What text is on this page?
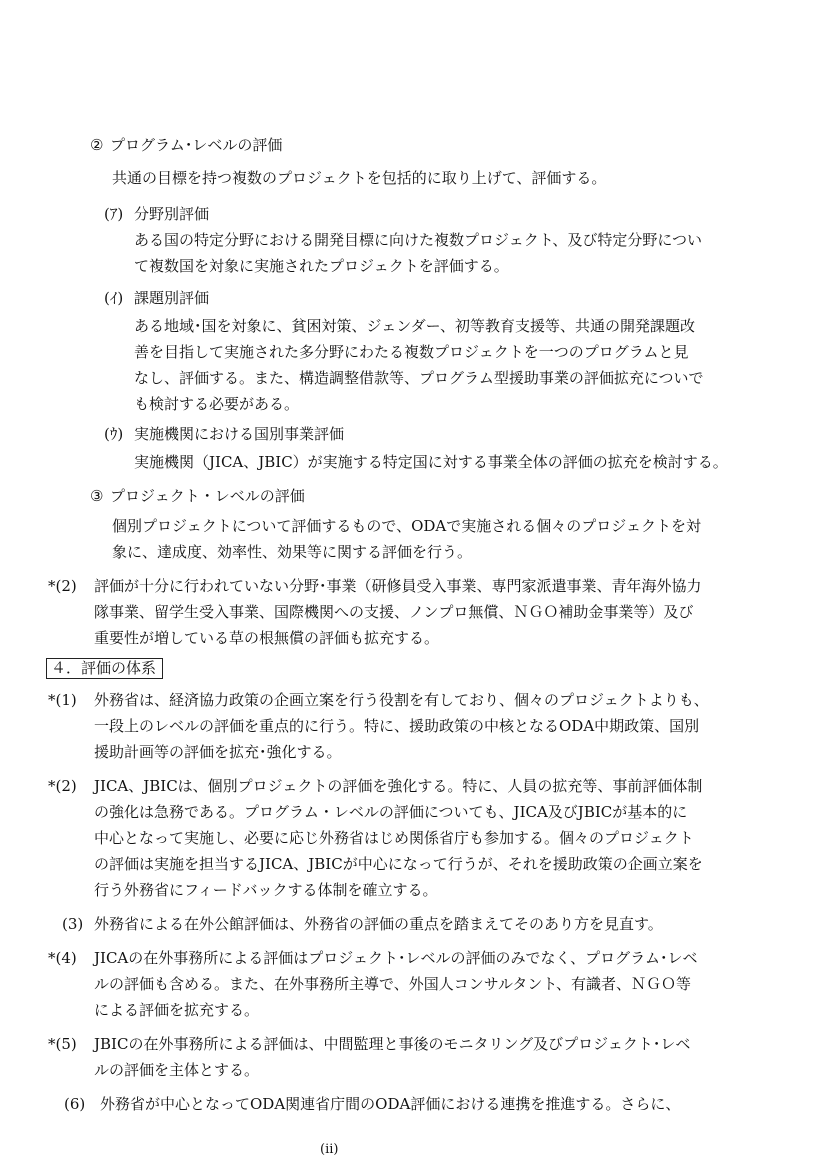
② プログラム･レベルの評価
共通の目標を持つ複数のプロジェクトを包括的に取り上げて、評価する。
(ｱ) 分野別評価
ある国の特定分野における開発目標に向けた複数プロジェクト、及び特定分野につい
て複数国を対象に実施されたプロジェクトを評価する。
(ｲ) 課題別評価
ある地域･国を対象に、貧困対策、ジェンダー、初等教育支援等、共通の開発課題改
善を目指して実施された多分野にわたる複数プロジェクトを一つのプログラムと見
なし、評価する。また、構造調整借款等、プログラム型援助事業の評価拡充についで
も検討する必要がある。
(ｳ) 実施機関における国別事業評価
実施機関（JICA、JBIC）が実施する特定国に対する事業全体の評価の拡充を検討する。
③ プロジェクト・レベルの評価
個別プロジェクトについて評価するもので、ODAで実施される個々のプロジェクトを対
象に、達成度、効率性、効果等に関する評価を行う。
*(2) 評価が十分に行われていない分野･事業（研修員受入事業、専門家派遣事業、青年海外協力
隊事業、留学生受入事業、国際機関への支援、ノンプロ無償、ＮＧＯ補助金事業等）及び
重要性が増している草の根無償の評価も拡充する。
４．評価の体系
*(1) 外務省は、経済協力政策の企画立案を行う役割を有しており、個々のプロジェクトよりも、
一段上のレベルの評価を重点的に行う。特に、援助政策の中核となるODA中期政策、国別
援助計画等の評価を拡充･強化する。
*(2) JICA、JBICは、個別プロジェクトの評価を強化する。特に、人員の拡充等、事前評価体制
の強化は急務である。プログラム・レベルの評価についても、JICA及びJBICが基本的に
中心となって実施し、必要に応じ外務省はじめ関係省庁も参加する。個々のプロジェクト
の評価は実施を担当するJICA、JBICが中心になって行うが、それを援助政策の企画立案を
行う外務省にフィードバックする体制を確立する。
(3) 外務省による在外公館評価は、外務省の評価の重点を踏まえてそのあり方を見直す。
*(4) JICAの在外事務所による評価はプロジェクト･レベルの評価のみでなく、プログラム･レベ
ルの評価も含める。また、在外事務所主導で、外国人コンサルタント、有識者、ＮＧＯ等
による評価を拡充する。
*(5) JBICの在外事務所による評価は、中間監理と事後のモニタリング及びプロジェクト･レベ
ルの評価を主体とする。
(6) 外務省が中心となってODA関連省庁間のODA評価における連携を推進する。さらに、
(ii)
